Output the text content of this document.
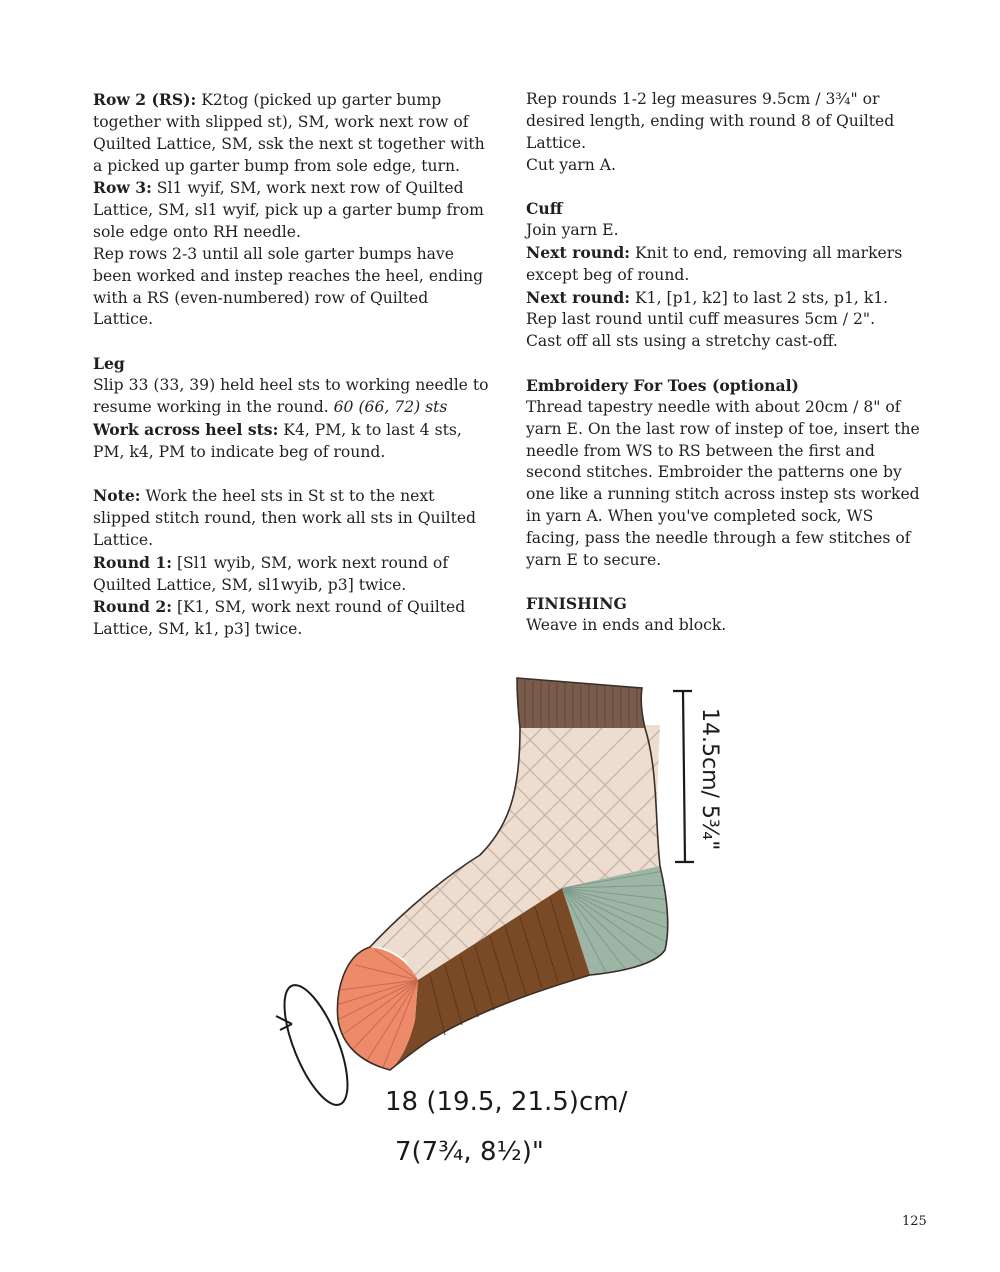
Row 2 (RS): K2tog (picked up garter bump together with slipped st), SM, work next row of Quilted Lattice, SM, ssk the next st together with a picked up garter bump from sole edge, turn.

Row 3: Sl1 wyif, SM, work next row of Quilted Lattice, SM, sl1 wyif, pick up a garter bump from sole edge onto RH needle.

Rep rows 2-3 until all sole garter bumps have been worked and instep reaches the heel, ending with a RS (even-numbered) row of Quilted Lattice.

Leg

Slip 33 (33, 39) held heel sts to working needle to resume working in the round. 60 (66, 72) sts

Work across heel sts: K4, PM, k to last 4 sts, PM, k4, PM to indicate beg of round.

Note: Work the heel sts in St st to the next slipped stitch round, then work all sts in Quilted Lattice.

Round 1: [Sl1 wyib, SM, work next round of Quilted Lattice, SM, sl1wyib, p3] twice.

Round 2: [K1, SM, work next round of Quilted Lattice, SM, k1, p3] twice.

Rep rounds 1-2 leg measures 9.5cm / 3¾" or desired length, ending with round 8 of Quilted Lattice.

Cut yarn A.

Cuff

Join yarn E.

Next round: Knit to end, removing all markers except beg of round.

Next round: K1, [p1, k2] to last 2 sts, p1, k1.

Rep last round until cuff measures 5cm / 2".

Cast off all sts using a stretchy cast-off.

Embroidery For Toes (optional)

Thread tapestry needle with about 20cm / 8" of yarn E. On the last row of instep of toe, insert the needle from WS to RS between the first and second stitches. Embroider the patterns one by one like a running stitch across instep sts worked in yarn A. When you've completed sock, WS facing, pass the needle through a few stitches of yarn E to secure.

FINISHING

Weave in ends and block.

14.5cm/ 5¾"
18 (19.5, 21.5)cm/
7(7¾, 8½)"
125
